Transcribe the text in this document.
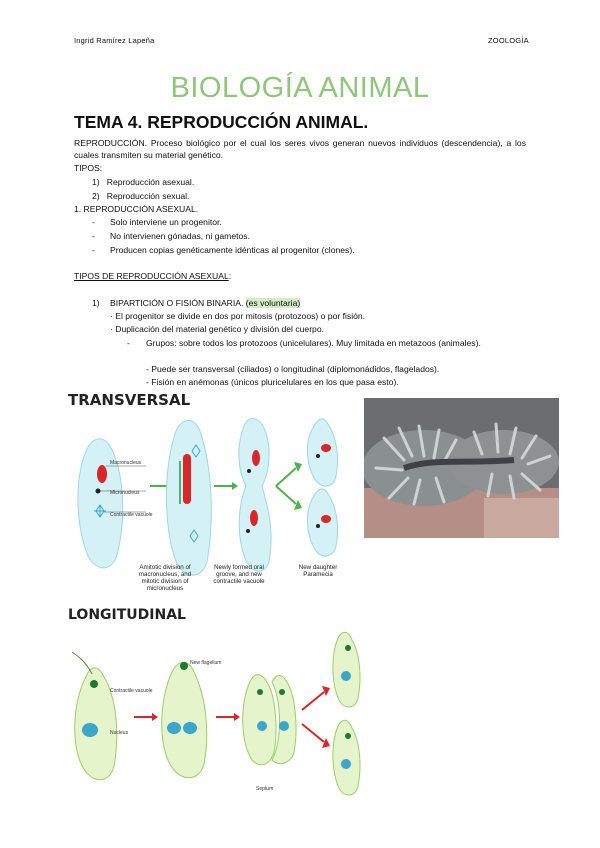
Ingrid Ramírez Lapeña	ZOOLOGÍA
BIOLOGÍA ANIMAL
TEMA 4. REPRODUCCIÓN ANIMAL.
REPRODUCCIÓN. Proceso biológico por el cual los seres vivos generan nuevos individuos (descendencia), a los cuales transmiten su material genético.
TIPOS:
1)   Reproducción asexual.
2)   Reproducción sexual.
1. REPRODUCCIÓN ASEXUAL.
- Solo interviene un progenitor.
- No intervienen gónadas, ni gametos.
- Producen copias genéticamente idénticas al progenitor (clones).
TIPOS DE REPRODUCCIÓN ASEXUAL:
1) BIPARTICIÓN O FISIÓN BINARIA. (es voluntaria)
· El progenitor se divide en dos por mitosis (protozoos) o por fisión.
· Duplicación del material genético y división del cuerpo.
- Grupos: sobre todos los protozoos (unicelulares). Muy limitada en metazoos (animales).
- Puede ser transversal (ciliados) o longitudinal (diplomonádidos, flagelados).
- Fisión en anémonas (únicos pluricelulares en los que pasa esto).
TRANSVERSAL
Macronucleus
Micronucleus
Contractile vacuole
Amitotic division of macronucleus, and mitotic division of micronucleus
Newly formed oral groove, and new contractile vacuole
New daughter Paramecia
LONGITUDINAL
Contractile vacuole
Nucleus
New flagellum
Septum
